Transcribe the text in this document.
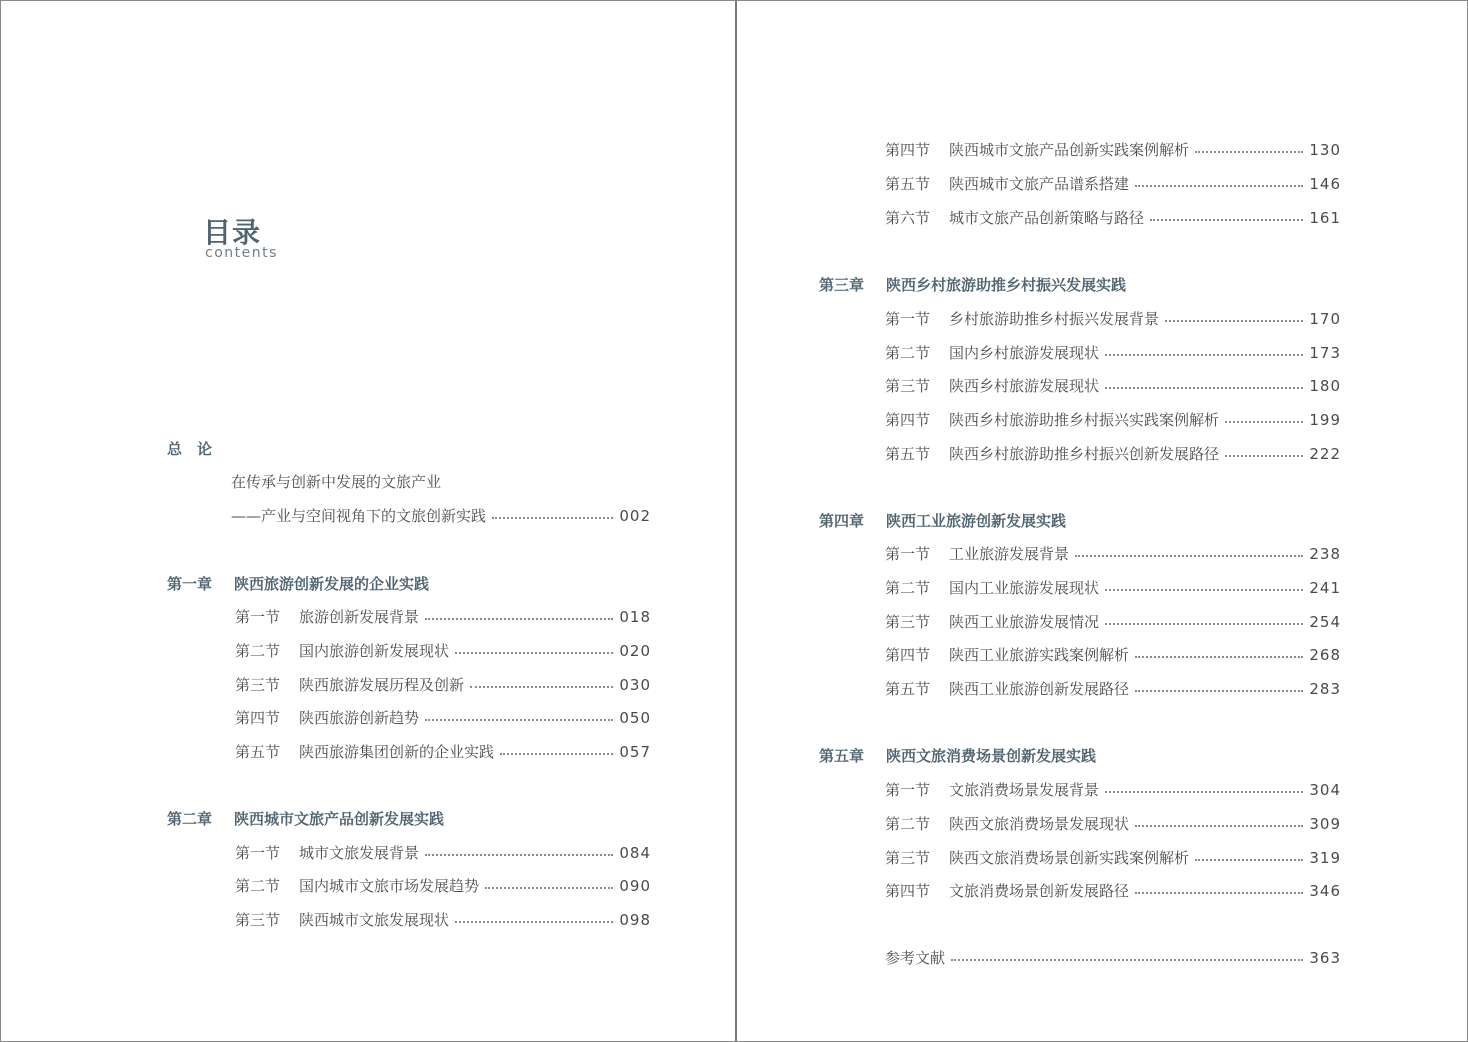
目录
contents
总　论
在传承与创新中发展的文旅产业
——产业与空间视角下的文旅创新实践	002
第一章	陕西旅游创新发展的企业实践
第一节	旅游创新发展背景	018
第二节	国内旅游创新发展现状	020
第三节	陕西旅游发展历程及创新	030
第四节	陕西旅游创新趋势	050
第五节	陕西旅游集团创新的企业实践	057
第二章	陕西城市文旅产品创新发展实践
第一节	城市文旅发展背景	084
第二节	国内城市文旅市场发展趋势	090
第三节	陕西城市文旅发展现状	098
第四节	陕西城市文旅产品创新实践案例解析	130
第五节	陕西城市文旅产品谱系搭建	146
第六节	城市文旅产品创新策略与路径	161
第三章	陕西乡村旅游助推乡村振兴发展实践
第一节	乡村旅游助推乡村振兴发展背景	170
第二节	国内乡村旅游发展现状	173
第三节	陕西乡村旅游发展现状	180
第四节	陕西乡村旅游助推乡村振兴实践案例解析	199
第五节	陕西乡村旅游助推乡村振兴创新发展路径	222
第四章	陕西工业旅游创新发展实践
第一节	工业旅游发展背景	238
第二节	国内工业旅游发展现状	241
第三节	陕西工业旅游发展情况	254
第四节	陕西工业旅游实践案例解析	268
第五节	陕西工业旅游创新发展路径	283
第五章	陕西文旅消费场景创新发展实践
第一节	文旅消费场景发展背景	304
第二节	陕西文旅消费场景发展现状	309
第三节	陕西文旅消费场景创新实践案例解析	319
第四节	文旅消费场景创新发展路径	346
参考文献	363
